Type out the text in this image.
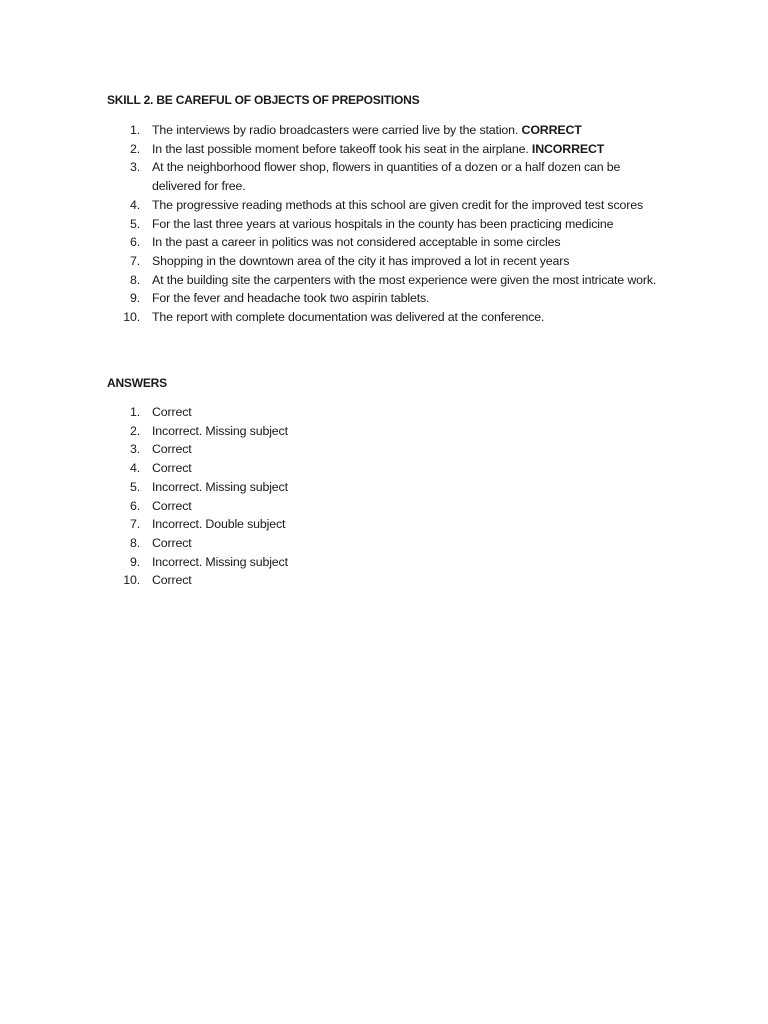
SKILL 2. BE CAREFUL OF OBJECTS OF PREPOSITIONS
1. The interviews by radio broadcasters were carried live by the station. CORRECT
2. In the last possible moment before takeoff took his seat in the airplane. INCORRECT
3. At the neighborhood flower shop, flowers in quantities of a dozen or a half dozen can be delivered for free.
4. The progressive reading methods at this school are given credit for the improved test scores
5. For the last three years at various hospitals in the county has been practicing medicine
6. In the past a career in politics was not considered acceptable in some circles
7. Shopping in the downtown area of the city it has improved a lot in recent years
8. At the building site the carpenters with the most experience were given the most intricate work.
9. For the fever and headache took two aspirin tablets.
10. The report with complete documentation was delivered at the conference.
ANSWERS
1. Correct
2. Incorrect. Missing subject
3. Correct
4. Correct
5. Incorrect. Missing subject
6. Correct
7. Incorrect. Double subject
8. Correct
9. Incorrect. Missing subject
10. Correct
